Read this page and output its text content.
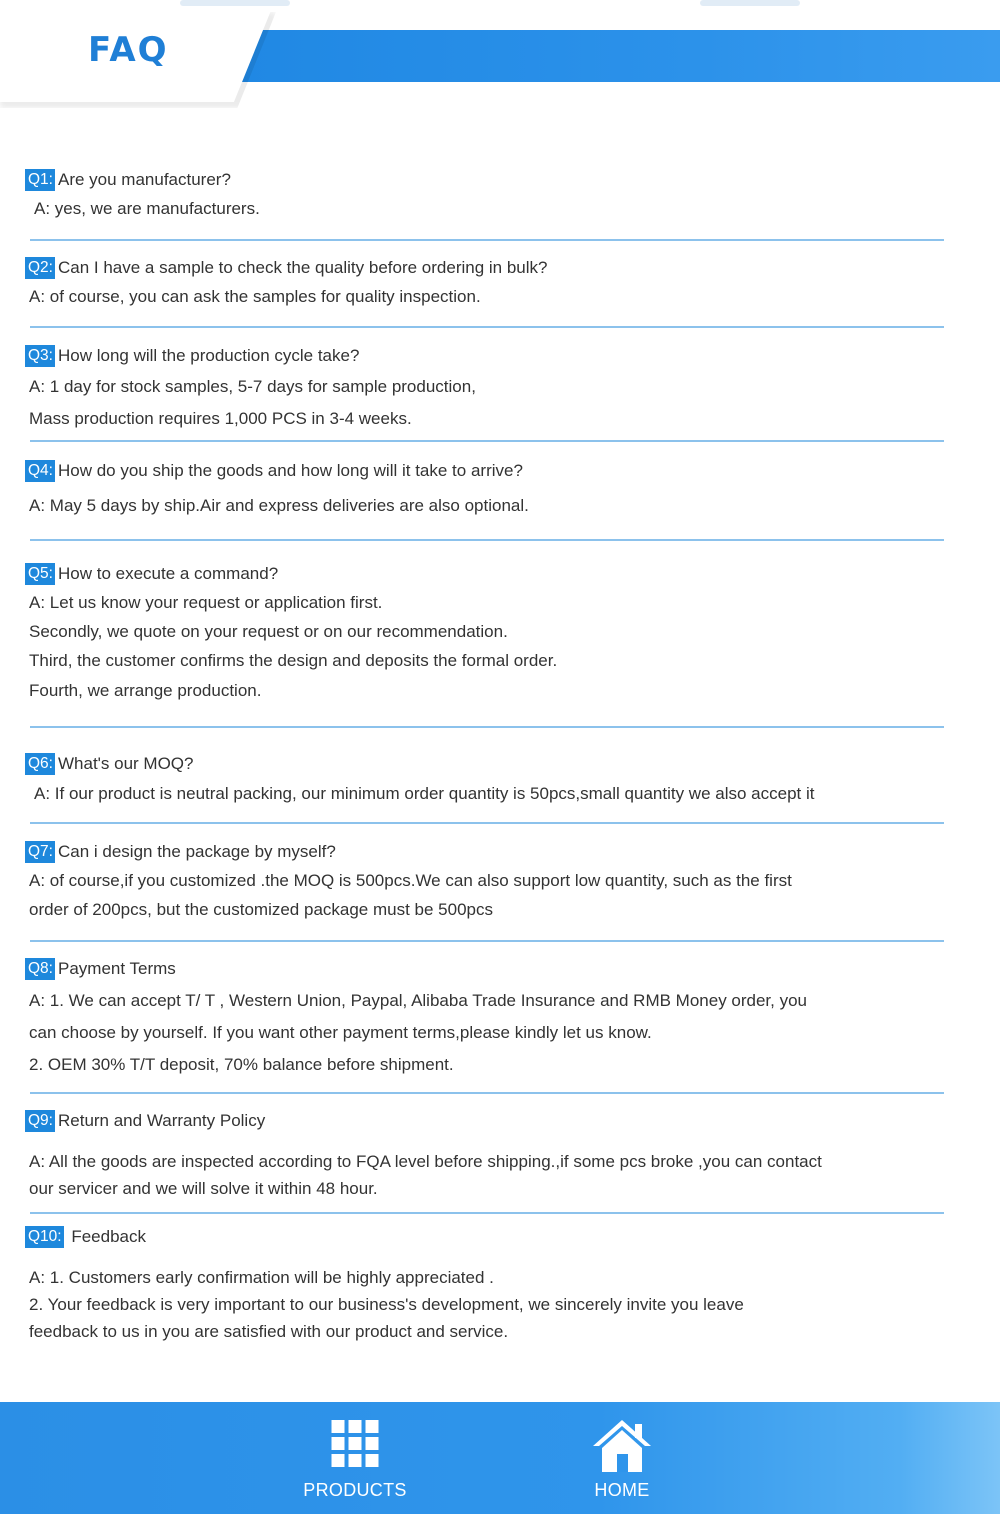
FAQ
Q1: Are you manufacturer?
A: yes, we are manufacturers.
Q2: Can I have a sample to check the quality before ordering in bulk?
A: of course, you can ask the samples for quality inspection.
Q3: How long will the production cycle take?
A: 1 day for stock samples, 5-7 days for sample production,
Mass production requires 1,000 PCS in 3-4 weeks.
Q4: How do you ship the goods and how long will it take to arrive?
A: May 5 days by ship.Air and express deliveries are also optional.
Q5: How to execute a command?
A: Let us know your request or application first.
Secondly, we quote on your request or on our recommendation.
Third, the customer confirms the design and deposits the formal order.
Fourth, we arrange production.
Q6: What's our MOQ?
A: If our product is neutral packing, our minimum order quantity is 50pcs,small quantity we also accept it
Q7: Can i design the package by myself?
A: of course,if you customized .the MOQ is 500pcs.We can also support low quantity, such as the first
order of 200pcs, but the customized package must be 500pcs
Q8: Payment Terms
A: 1. We can accept T/ T , Western Union, Paypal, Alibaba Trade Insurance and RMB Money order, you
can choose by yourself. If you want other payment terms,please kindly let us know.
2. OEM 30% T/T deposit, 70% balance before shipment.
Q9: Return and Warranty Policy
A: All the goods are inspected according to FQA level before shipping.,if some pcs broke ,you can contact
our servicer and we will solve it within 48 hour.
Q10: Feedback
A: 1. Customers early confirmation will be highly appreciated .
2. Your feedback is very important to our business's development, we sincerely invite you leave
feedback to us in you are satisfied with our product and service.
PRODUCTS	HOME
